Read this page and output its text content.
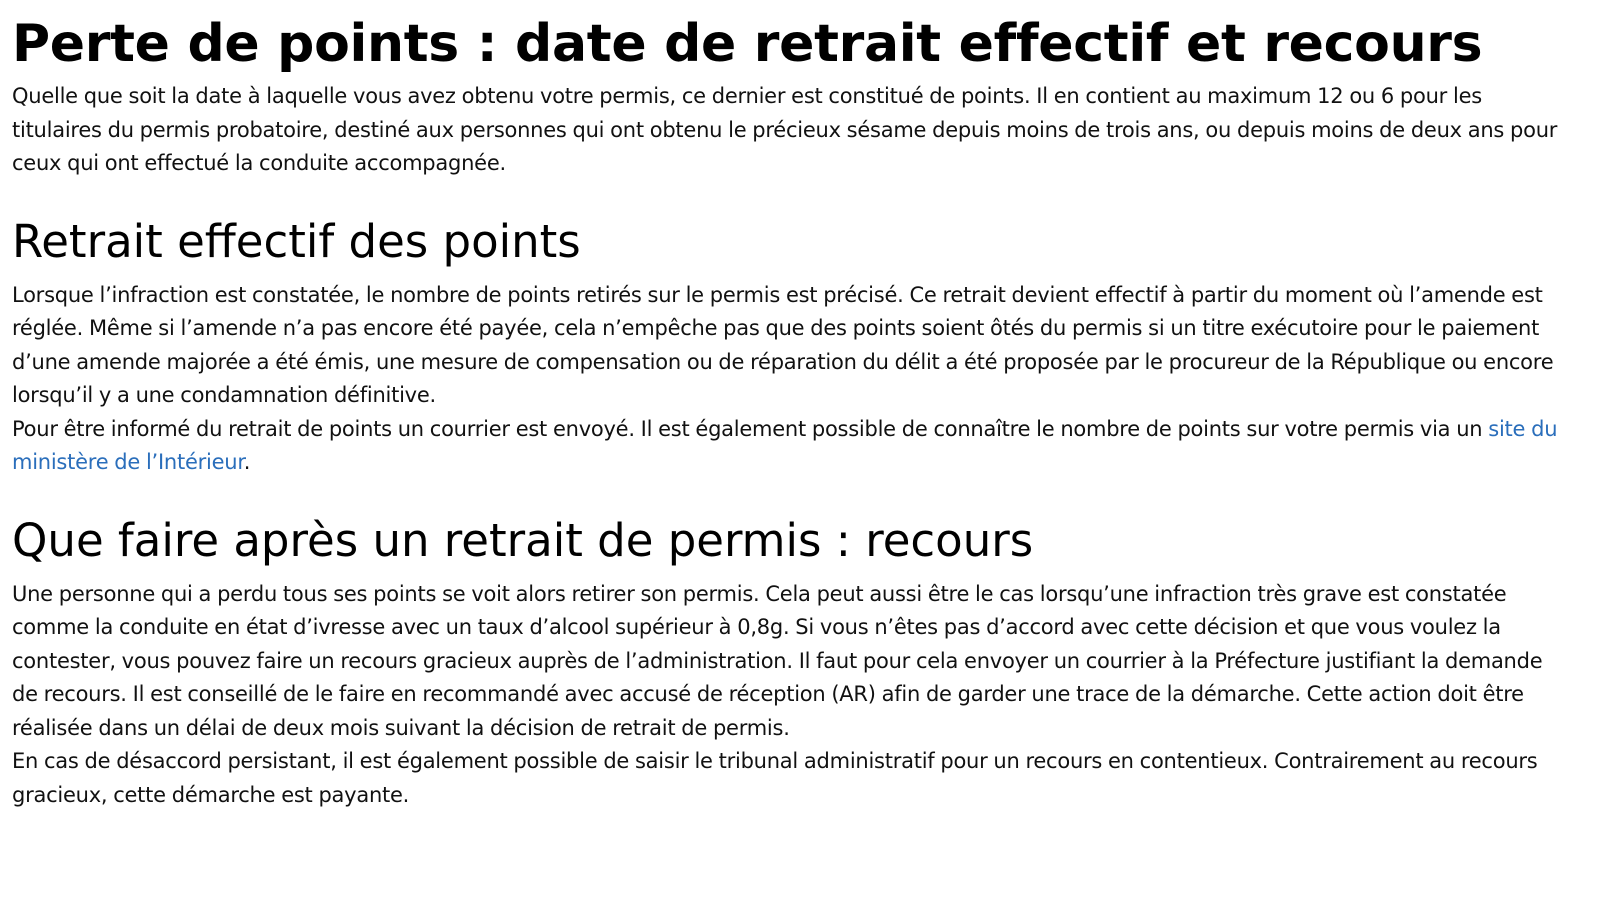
Perte de points : date de retrait effectif et recours

Quelle que soit la date à laquelle vous avez obtenu votre permis, ce dernier est constitué de points. Il en contient au maximum 12 ou 6 pour les titulaires du permis probatoire, destiné aux personnes qui ont obtenu le précieux sésame depuis moins de trois ans, ou depuis moins de deux ans pour ceux qui ont effectué la conduite accompagnée.

Retrait effectif des points

Lorsque l’infraction est constatée, le nombre de points retirés sur le permis est précisé. Ce retrait devient effectif à partir du moment où l’amende est réglée. Même si l’amende n’a pas encore été payée, cela n’empêche pas que des points soient ôtés du permis si un titre exécutoire pour le paiement d’une amende majorée a été émis, une mesure de compensation ou de réparation du délit a été proposée par le procureur de la République ou encore lorsqu’il y a une condamnation définitive.

Pour être informé du retrait de points un courrier est envoyé. Il est également possible de connaître le nombre de points sur votre permis via un site du ministère de l’Intérieur.

Que faire après un retrait de permis : recours

Une personne qui a perdu tous ses points se voit alors retirer son permis. Cela peut aussi être le cas lorsqu’une infraction très grave est constatée comme la conduite en état d’ivresse avec un taux d’alcool supérieur à 0,8g. Si vous n’êtes pas d’accord avec cette décision et que vous voulez la contester, vous pouvez faire un recours gracieux auprès de l’administration. Il faut pour cela envoyer un courrier à la Préfecture justifiant la demande de recours. Il est conseillé de le faire en recommandé avec accusé de réception (AR) afin de garder une trace de la démarche. Cette action doit être réalisée dans un délai de deux mois suivant la décision de retrait de permis.

En cas de désaccord persistant, il est également possible de saisir le tribunal administratif pour un recours en contentieux. Contrairement au recours gracieux, cette démarche est payante.
